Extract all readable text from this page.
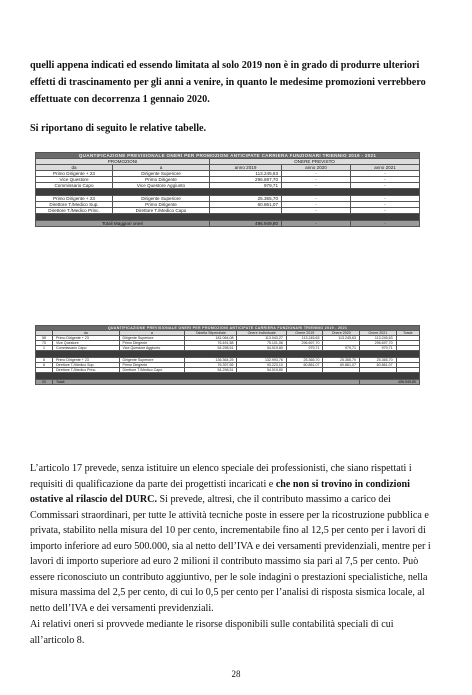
quelli appena indicati ed essendo limitata al solo 2019 non è in grado di produrre ulteriori
effetti di trascinamento per gli anni a venire, in quanto le medesime promozioni verrebbero
effettuate con decorrenza 1 gennaio 2020.
Si riportano di seguito le relative tabelle.
QUANTIFICAZIONE PREVISIONALE ONERI PER PROMOZIONI ANTICIPATE CARRIERA FUNZIONARI TRIENNIO 2019 - 2021				
PROMOZIONI		ONERE PREVISTO		
da	a	anno 2019	anno 2020	anno 2021
Primo Dirigente + 23	Dirigente Superiore	113.245,63	-	-
Vice Questore	Primo Dirigente	296.697,70	-	-
Commissario Capo	Vice Questore Aggiunto	979,71	-	-

Primo Dirigente + 23	Dirigente Superiore	25.365,70	-	-
Direttore T./Medico Sup.	Primo Dirigente	60.861,07	-	-
Direttore T./Medico Princ.	Direttore T./Medico Capo		-	-

Totali Maggiori oneri		496.949,80	-	-
QUANTIFICAZIONE PREVISIONALE ONERI PER PROMOZIONI ANTICIPATE CARRIERA FUNZIONARI TRIENNIO 2019 - 2021								
	da	a	Tabella Stipendiale	Onere Individuale	Onere 2019	Onere 2020	Onere 2021	Totale
58	Primo Dirigente + 23	Dirigente Superiore	181.064,08	113.043,27	113.245,63	113.245,63	113.245,63	
70	Vice Questore	Primo Dirigente	76.491,58	75.101,06	296.697,70		296.697,70	
1	Commissario Capo	Vice Questore Aggiunto	54.298,51	54.019,80	979,71	979,71	979,71	

6	Primo Dirigente + 23	Dirigente Superiore	136.364,25	132.993,76	25.365,70	25.365,70	25.365,70	
6	Direttore T./Medico Sup.	Primo Dirigente	76.397,56	93.223,10	60.861,07	60.861,07	60.861,07	
	Direttore T./Medico Princ.	Direttore T./Medico Capo	54.298,51	54.019,80				

20	Totali						496.949,80	
L’articolo 17 prevede, senza istituire un elenco speciale dei professionisti, che siano rispettati i
requisiti di qualificazione da parte dei progettisti incaricati e che non si trovino in condizioni
ostative al rilascio del DURC. Si prevede, altresì, che il contributo massimo a carico dei
Commissari straordinari, per tutte le attività tecniche poste in essere per la ricostruzione pubblica e
privata, stabilito nella misura del 10 per cento, incrementabile fino al 12,5 per cento per i lavori di
importo inferiore ad euro 500.000, sia al netto dell’IVA e dei versamenti previdenziali, mentre per i
lavori di importo superiore ad euro 2 milioni il contributo massimo sia pari al 7,5 per cento. Può
essere riconosciuto un contributo aggiuntivo, per le sole indagini o prestazioni specialistiche, nella
misura massima del 2,5 per cento, di cui lo 0,5 per cento per l’analisi di risposta sismica locale, al
netto dell’IVA e dei versamenti previdenziali.
Ai relativi oneri si provvede mediante le risorse disponibili sulle contabilità speciali di cui
all’articolo 8.
28
